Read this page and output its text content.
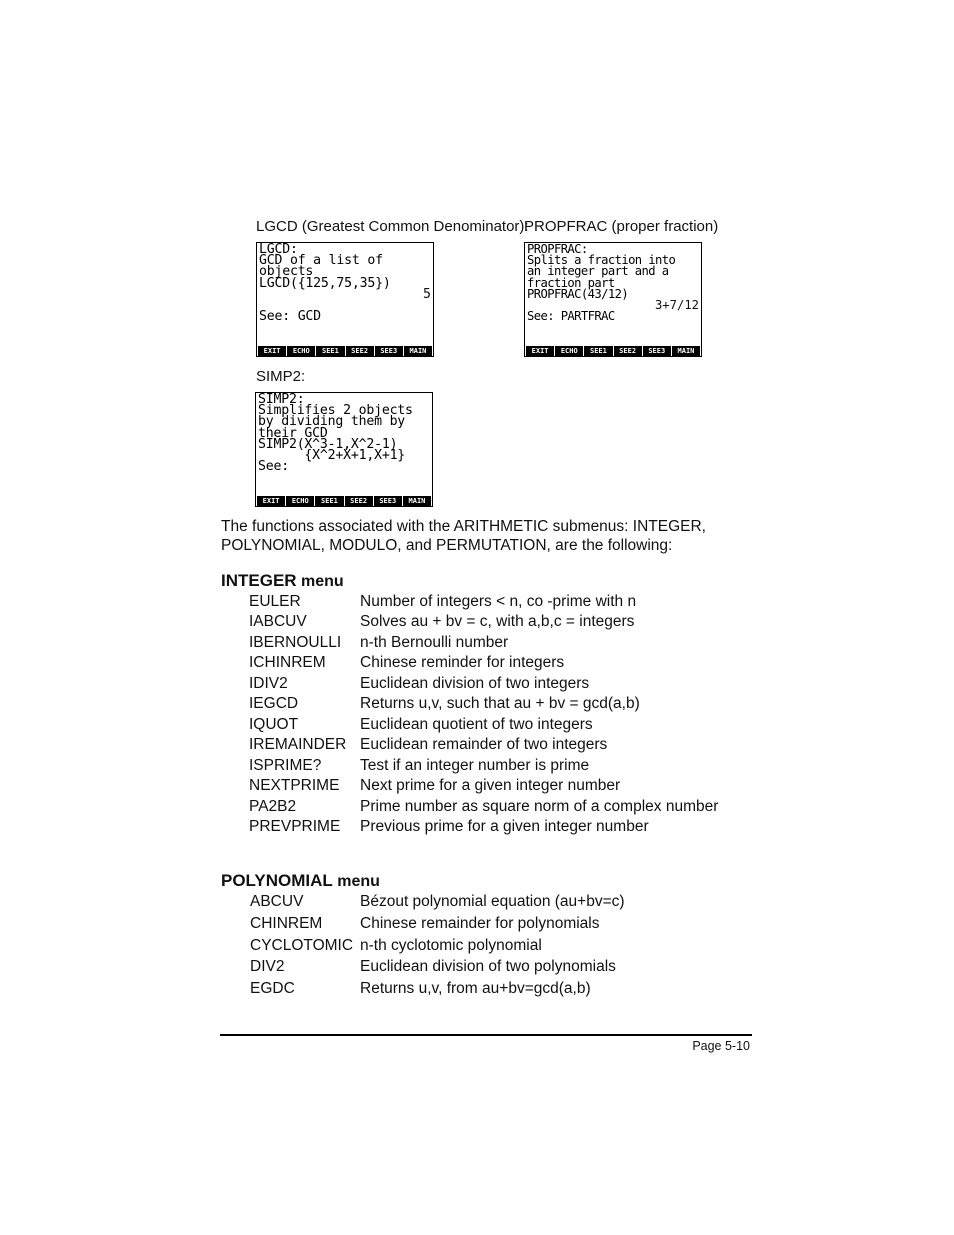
LGCD (Greatest Common Denominator):
PROPFRAC (proper fraction)
LGCD:
GCD of a list of
objects
LGCD({125,75,35})

See: GCD
5
EXIT	ECHO	SEE1	SEE2	SEE3	MAIN
PROPFRAC:
Splits a fraction into
an integer part and a
fraction part
PROPFRAC(43/12)

See: PARTFRAC
3+7/12
EXIT	ECHO	SEE1	SEE2	SEE3	MAIN
SIMP2:
SIMP2:
Simplifies 2 objects
by dividing them by
their GCD
SIMP2(X^3-1,X^2-1)
{X^2+X+1,X+1}
See:
EXIT	ECHO	SEE1	SEE2	SEE3	MAIN
The functions associated with the ARITHMETIC submenus: INTEGER,
POLYNOMIAL, MODULO, and PERMUTATION, are the following:
INTEGER menu
EULER	Number of integers < n, co -prime with n
IABCUV	Solves au + bv = c, with a,b,c = integers
IBERNOULLI n-th Bernoulli number
ICHINREM Chinese reminder for integers
IDIV2	Euclidean division of two integers
IEGCD	Returns u,v, such that au + bv = gcd(a,b)
IQUOT	Euclidean quotient of two integers
IREMAINDER Euclidean remainder of two integers
ISPRIME? Test if an integer number is prime
NEXTPRIME Next prime for a given integer number
PA2B2	Prime number as square norm of a complex number
PREVPRIME Previous prime for a given integer number
POLYNOMIAL menu
ABCUV	Bézout polynomial equation (au+bv=c)
CHINREM Chinese remainder for polynomials
CYCLOTOMIC n-th cyclotomic polynomial
DIV2	Euclidean division of two polynomials
EGDC	Returns u,v, from au+bv=gcd(a,b)
Page 5-10
